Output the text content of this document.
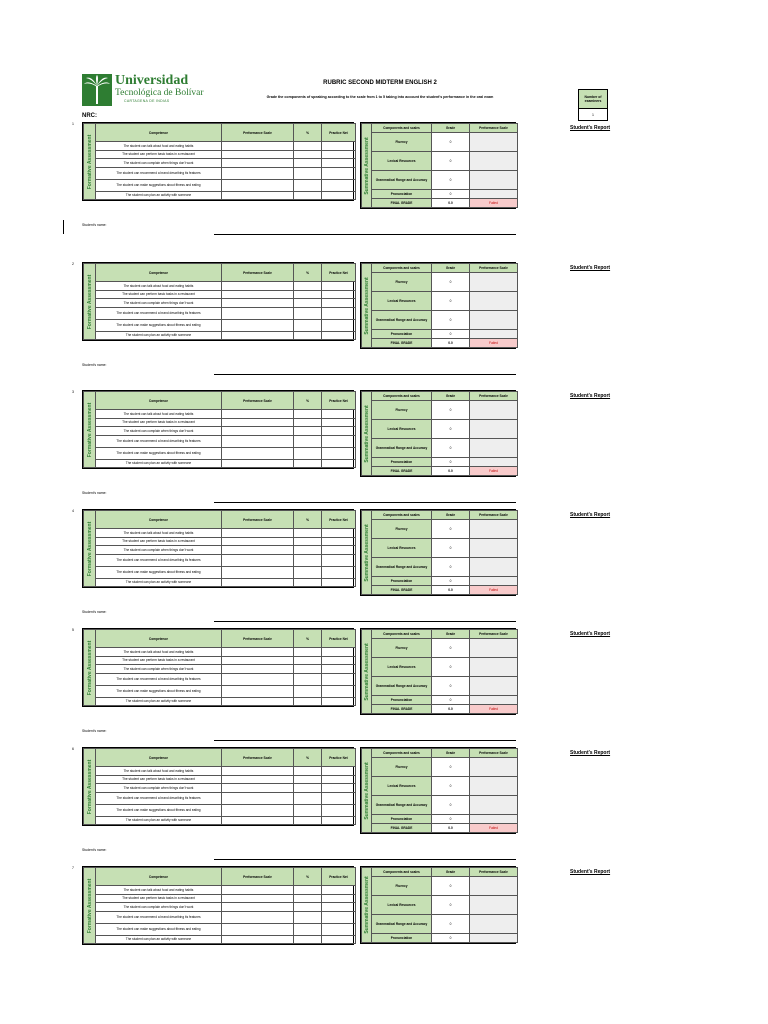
Universidad
Tecnológica de Bolívar
CARTAGENA DE INDIAS
RUBRIC SECOND MIDTERM ENGLISH 2
Grade the components of speaking according to the scale from 1 to 5 taking into account the student's performance in the oral exam
NRC:
Number of examiners
1
1
Student's Report
Formative Assessment	Competence	Performance Scale	%	Practice Net
	The student can talk about food and eating habits			
	The student can perform basic tasks in a restaurant			
	The student can complain when things don't work			
	The student can recommend a brand describing its features			
	The student can make suggestions about fitness and eating			
	The student can plan an activity with someone			
Summative Assessment	Components and scales	Grade	Performance Scale
	Fluency	0	
	Lexical Resources	0	
	Grammatical Range and Accuracy	0	
	Pronunciation	0	
	FINAL GRADE	0.0	Failed
Student's name:
2
Student's Report
Formative Assessment	Competence	Performance Scale	%	Practice Net
	The student can talk about food and eating habits			
	The student can perform basic tasks in a restaurant			
	The student can complain when things don't work			
	The student can recommend a brand describing its features			
	The student can make suggestions about fitness and eating			
	The student can plan an activity with someone			
Summative Assessment	Components and scales	Grade	Performance Scale
	Fluency	0	
	Lexical Resources	0	
	Grammatical Range and Accuracy	0	
	Pronunciation	0	
	FINAL GRADE	0.0	Failed
Student's name:
3
Student's Report
Formative Assessment	Competence	Performance Scale	%	Practice Net
	The student can talk about food and eating habits			
	The student can perform basic tasks in a restaurant			
	The student can complain when things don't work			
	The student can recommend a brand describing its features			
	The student can make suggestions about fitness and eating			
	The student can plan an activity with someone			
Summative Assessment	Components and scales	Grade	Performance Scale
	Fluency	0	
	Lexical Resources	0	
	Grammatical Range and Accuracy	0	
	Pronunciation	0	
	FINAL GRADE	0.0	Failed
Student's name:
4
Student's Report
Formative Assessment	Competence	Performance Scale	%	Practice Net
	The student can talk about food and eating habits			
	The student can perform basic tasks in a restaurant			
	The student can complain when things don't work			
	The student can recommend a brand describing its features			
	The student can make suggestions about fitness and eating			
	The student can plan an activity with someone			
Summative Assessment	Components and scales	Grade	Performance Scale
	Fluency	0	
	Lexical Resources	0	
	Grammatical Range and Accuracy	0	
	Pronunciation	0	
	FINAL GRADE	0.0	Failed
Student's name:
5
Student's Report
Formative Assessment	Competence	Performance Scale	%	Practice Net
	The student can talk about food and eating habits			
	The student can perform basic tasks in a restaurant			
	The student can complain when things don't work			
	The student can recommend a brand describing its features			
	The student can make suggestions about fitness and eating			
	The student can plan an activity with someone			
Summative Assessment	Components and scales	Grade	Performance Scale
	Fluency	0	
	Lexical Resources	0	
	Grammatical Range and Accuracy	0	
	Pronunciation	0	
	FINAL GRADE	0.0	Failed
Student's name:
6
Student's Report
Formative Assessment	Competence	Performance Scale	%	Practice Net
	The student can talk about food and eating habits			
	The student can perform basic tasks in a restaurant			
	The student can complain when things don't work			
	The student can recommend a brand describing its features			
	The student can make suggestions about fitness and eating			
	The student can plan an activity with someone			
Summative Assessment	Components and scales	Grade	Performance Scale
	Fluency	0	
	Lexical Resources	0	
	Grammatical Range and Accuracy	0	
	Pronunciation	0	
	FINAL GRADE	0.0	Failed
Student's name:
7
Student's Report
Formative Assessment	Competence	Performance Scale	%	Practice Net
	The student can talk about food and eating habits			
	The student can perform basic tasks in a restaurant			
	The student can complain when things don't work			
	The student can recommend a brand describing its features			
	The student can make suggestions about fitness and eating			
	The student can plan an activity with someone			
Summative Assessment	Components and scales	Grade	Performance Scale
	Fluency	0	
	Lexical Resources	0	
	Grammatical Range and Accuracy	0	
	Pronunciation	0	
